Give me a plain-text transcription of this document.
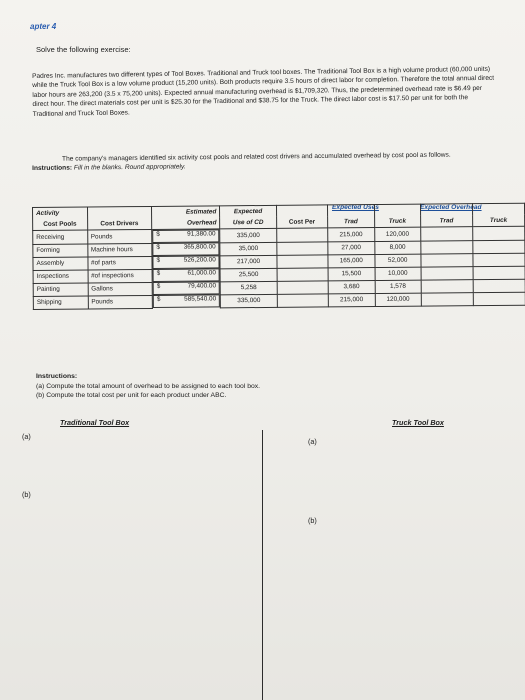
apter 4
Solve the following exercise:
Padres Inc. manufactures two different types of Tool Boxes. Traditional and Truck tool boxes. The Traditional Tool Box is a high volume product (60,000 units) while the Truck Tool Box is a low volume product (15,200 units). Both products require 3.5 hours of direct labor for completion. Therefore the total annual direct labor hours are 263,200 (3.5 x 75,200 units). Expected annual manufacturing overhead is $1,709,320. Thus, the predetermined overhead rate is $6.49 per direct hour. The direct materials cost per unit is $25.30 for the Traditional and $38.75 for the Truck. The direct labor cost is $17.50 per unit for both the Traditional and Truck Tool Boxes.
The company's managers identified six activity cost pools and related cost drivers and accumulated overhead by cost pool as follows.
Instructions: Fill in the blanks. Round appropriately.
Expected Uses	Expected Overhead
Activity		Estimated	Expected					
Cost Pools	Cost Drivers	Overhead	Use of CD	Cost Per	Trad	Truck	Trad	Truck
Receiving	Pounds		$	91,380.00	335,000		215,000	120,000		
Forming	Machine hours		$	365,800.00	35,000		27,000	8,000		
Assembly	#of parts		$	526,200.00	217,000		165,000	52,000		
Inspections	#of inspections		$	61,000.00	25,500		15,500	10,000		
Painting	Gallons		$	79,400.00	5,258		3,680	1,578		
Shipping	Pounds		$	585,540.00	335,000		215,000	120,000		
Instructions:
(a) Compute the total amount of overhead to be assigned to each tool box.
(b) Compute the total cost per unit for each product under ABC.
Traditional Tool Box	Truck Tool Box
(a)
(b)
(a)
(b)
